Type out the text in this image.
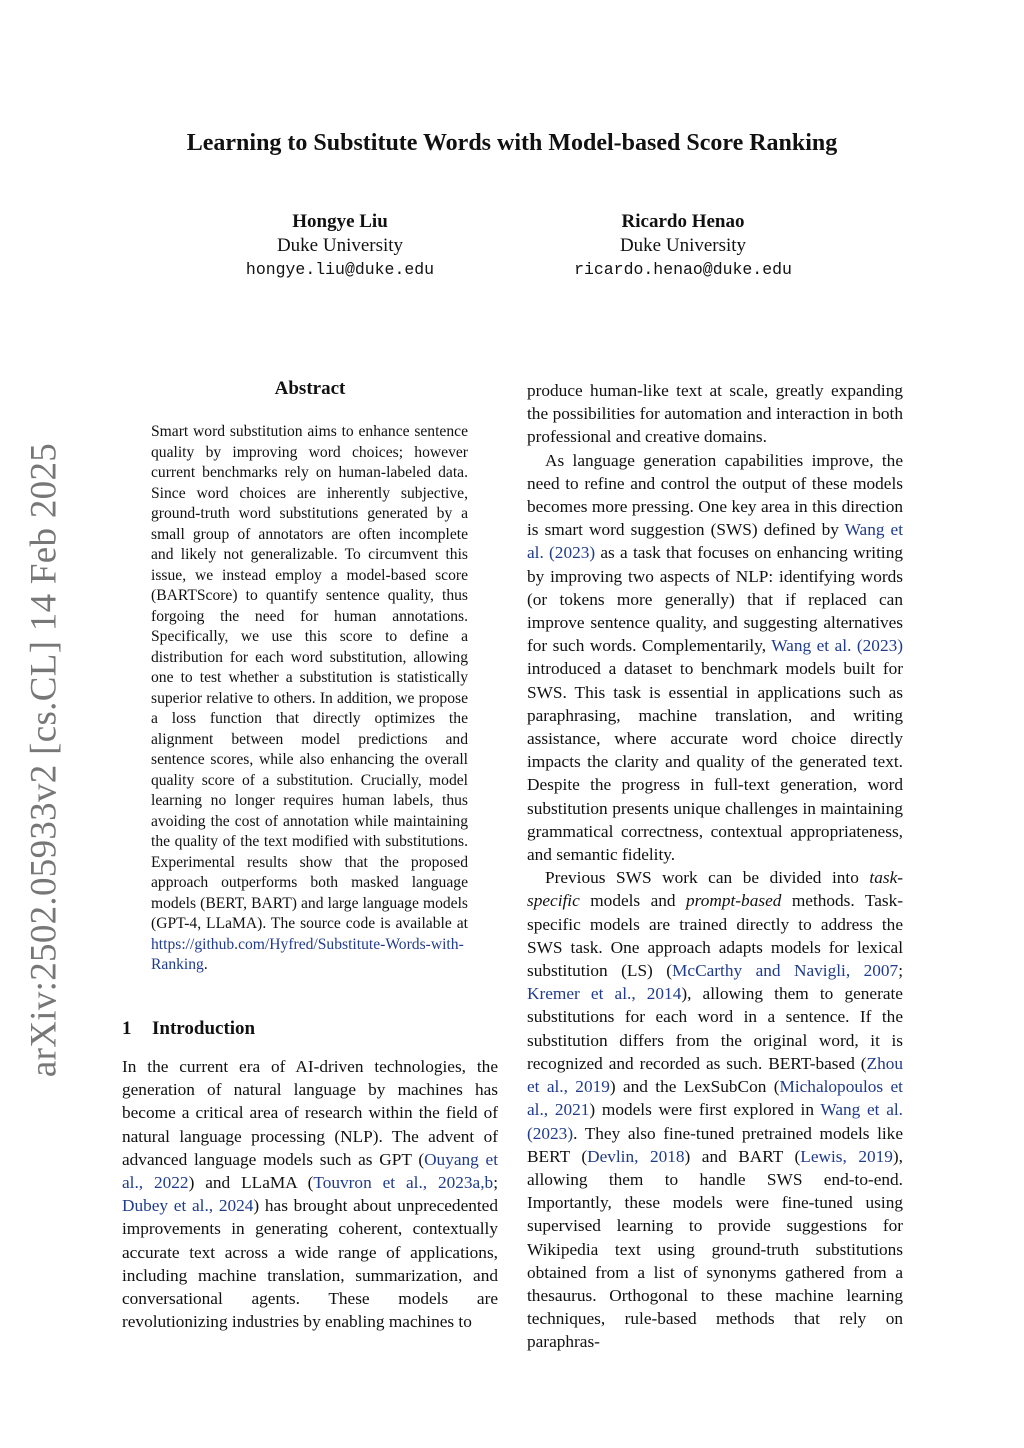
arXiv:2502.05933v2 [cs.CL] 14 Feb 2025
Learning to Substitute Words with Model-based Score Ranking
Hongye Liu
Duke University
hongye.liu@duke.edu
Ricardo Henao
Duke University
ricardo.henao@duke.edu
Abstract
Smart word substitution aims to enhance sentence quality by improving word choices; however current benchmarks rely on human-labeled data. Since word choices are inherently subjective, ground-truth word substitutions generated by a small group of annotators are often incomplete and likely not generalizable. To circumvent this issue, we instead employ a model-based score (BARTScore) to quantify sentence quality, thus forgoing the need for human annotations. Specifically, we use this score to define a distribution for each word substitution, allowing one to test whether a substitution is statistically superior relative to others. In addition, we propose a loss function that directly optimizes the alignment between model predictions and sentence scores, while also enhancing the overall quality score of a substitution. Crucially, model learning no longer requires human labels, thus avoiding the cost of annotation while maintaining the quality of the text modified with substitutions. Experimental results show that the proposed approach outperforms both masked language models (BERT, BART) and large language models (GPT-4, LLaMA). The source code is available at https://github.com/Hyfred/Substitute-Words-with-Ranking.
1 Introduction

In the current era of AI-driven technologies, the generation of natural language by machines has become a critical area of research within the field of natural language processing (NLP). The advent of advanced language models such as GPT (Ouyang et al., 2022) and LLaMA (Touvron et al., 2023a,b; Dubey et al., 2024) has brought about unprecedented improvements in generating coherent, contextually accurate text across a wide range of applications, including machine translation, summarization, and conversational agents. These models are revolutionizing industries by enabling machines to

produce human-like text at scale, greatly expanding the possibilities for automation and interaction in both professional and creative domains.

As language generation capabilities improve, the need to refine and control the output of these models becomes more pressing. One key area in this direction is smart word suggestion (SWS) defined by Wang et al. (2023) as a task that focuses on enhancing writing by improving two aspects of NLP: identifying words (or tokens more generally) that if replaced can improve sentence quality, and suggesting alternatives for such words. Complementarily, Wang et al. (2023) introduced a dataset to benchmark models built for SWS. This task is essential in applications such as paraphrasing, machine translation, and writing assistance, where accurate word choice directly impacts the clarity and quality of the generated text. Despite the progress in full-text generation, word substitution presents unique challenges in maintaining grammatical correctness, contextual appropriateness, and semantic fidelity.

Previous SWS work can be divided into task-specific models and prompt-based methods. Task-specific models are trained directly to address the SWS task. One approach adapts models for lexical substitution (LS) (McCarthy and Navigli, 2007; Kremer et al., 2014), allowing them to generate substitutions for each word in a sentence. If the substitution differs from the original word, it is recognized and recorded as such. BERT-based (Zhou et al., 2019) and the LexSubCon (Michalopoulos et al., 2021) models were first explored in Wang et al. (2023). They also fine-tuned pretrained models like BERT (Devlin, 2018) and BART (Lewis, 2019), allowing them to handle SWS end-to-end. Importantly, these models were fine-tuned using supervised learning to provide suggestions for Wikipedia text using ground-truth substitutions obtained from a list of synonyms gathered from a thesaurus. Orthogonal to these machine learning techniques, rule-based methods that rely on paraphras-
